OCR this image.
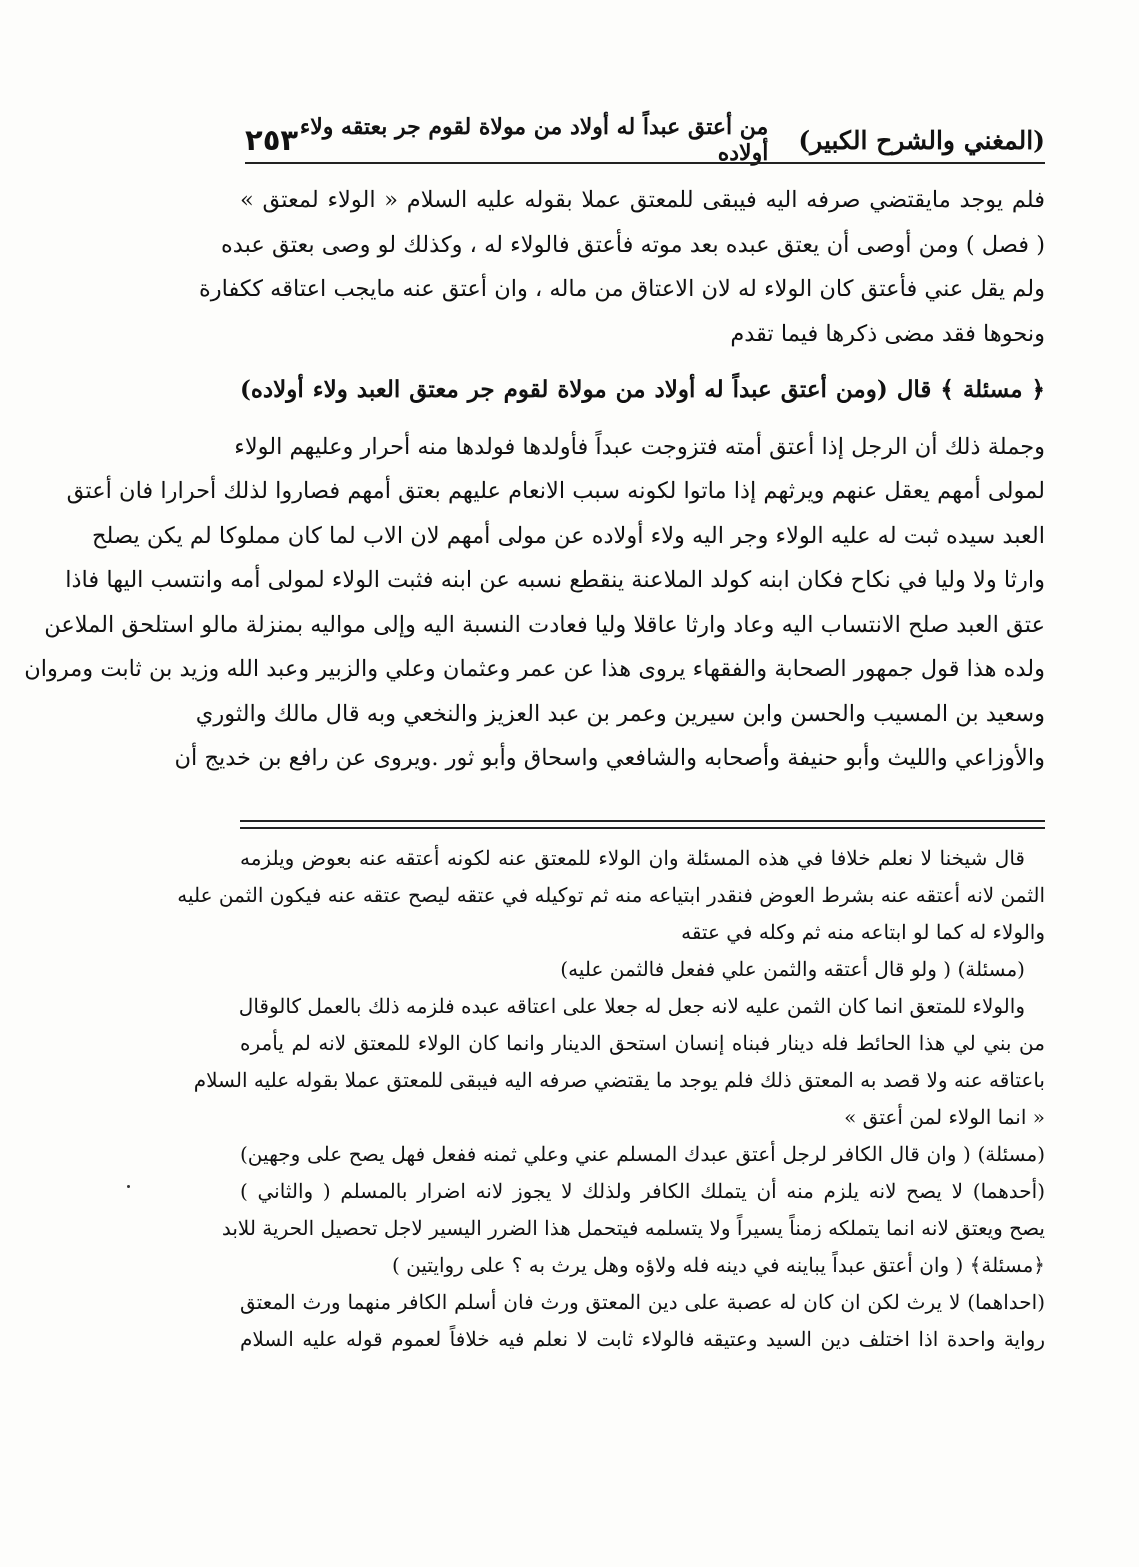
(المغني والشرح الكبير)
من أعتق عبداً له أولاد من مولاة لقوم جر بعتقه ولاء أولاده
٢٥٣
فلم يوجد مايقتضي صرفه اليه فيبقى للمعتق عملا بقوله عليه السلام « الولاء لمعتق »
( فصل ) ومن أوصى أن يعتق عبده بعد موته فأعتق فالولاء له ، وكذلك لو وصى بعتق عبده
ولم يقل عني فأعتق كان الولاء له لان الاعتاق من ماله ، وان أعتق عنه مايجب اعتاقه ككفارة
ونحوها فقد مضى ذكرها فيما تقدم
﴿ مسئلة ﴾ قال (ومن أعتق عبداً له أولاد من مولاة لقوم جر معتق العبد ولاء أولاده)
وجملة ذلك أن الرجل إذا أعتق أمته فتزوجت عبداً فأولدها فولدها منه أحرار وعليهم الولاء
لمولى أمهم يعقل عنهم ويرثهم إذا ماتوا لكونه سبب الانعام عليهم بعتق أمهم فصاروا لذلك أحرارا فان أعتق
العبد سيده ثبت له عليه الولاء وجر اليه ولاء أولاده عن مولى أمهم لان الاب لما كان مملوكا لم يكن يصلح
وارثا ولا وليا في نكاح فكان ابنه كولد الملاعنة ينقطع نسبه عن ابنه فثبت الولاء لمولى أمه وانتسب اليها فاذا
عتق العبد صلح الانتساب اليه وعاد وارثا عاقلا وليا فعادت النسبة اليه وإلى مواليه بمنزلة مالو استلحق الملاعن
ولده هذا قول جمهور الصحابة والفقهاء يروى هذا عن عمر وعثمان وعلي والزبير وعبد الله وزيد بن ثابت ومروان
وسعيد بن المسيب والحسن وابن سيرين وعمر بن عبد العزيز والنخعي وبه قال مالك والثوري
والأوزاعي والليث وأبو حنيفة وأصحابه والشافعي واسحاق وأبو ثور .ويروى عن رافع بن خديج أن
قال شيخنا لا نعلم خلافا في هذه المسئلة وان الولاء للمعتق عنه لكونه أعتقه عنه بعوض ويلزمه
الثمن لانه أعتقه عنه بشرط العوض فنقدر ابتياعه منه ثم توكيله في عتقه ليصح عتقه عنه فيكون الثمن عليه
والولاء له كما لو ابتاعه منه ثم وكله في عتقه
(مسئلة) ( ولو قال أعتقه والثمن علي ففعل فالثمن عليه)
والولاء للمتعق انما كان الثمن عليه لانه جعل له جعلا على اعتاقه عبده فلزمه ذلك بالعمل كالوقال
من بني لي هذا الحائط فله دينار فبناه إنسان استحق الدينار وانما كان الولاء للمعتق لانه لم يأمره
باعتاقه عنه ولا قصد به المعتق ذلك فلم يوجد ما يقتضي صرفه اليه فيبقى للمعتق عملا بقوله عليه السلام
« انما الولاء لمن أعتق »
(مسئلة) ( وان قال الكافر لرجل أعتق عبدك المسلم عني وعلي ثمنه ففعل فهل يصح على وجهين)
(أحدهما) لا يصح لانه يلزم منه أن يتملك الكافر ولذلك لا يجوز لانه اضرار بالمسلم ( والثاني )
يصح ويعتق لانه انما يتملكه زمناً يسيراً ولا يتسلمه فيتحمل هذا الضرر اليسير لاجل تحصيل الحرية للابد
﴿مسئلة﴾ ( وان أعتق عبداً يباينه في دينه فله ولاؤه وهل يرث به ؟ على روايتين )
(احداهما) لا يرث لكن ان كان له عصبة على دين المعتق ورث فان أسلم الكافر منهما ورث المعتق
رواية واحدة اذا اختلف دين السيد وعتيقه فالولاء ثابت لا نعلم فيه خلافاً لعموم قوله عليه السلام
